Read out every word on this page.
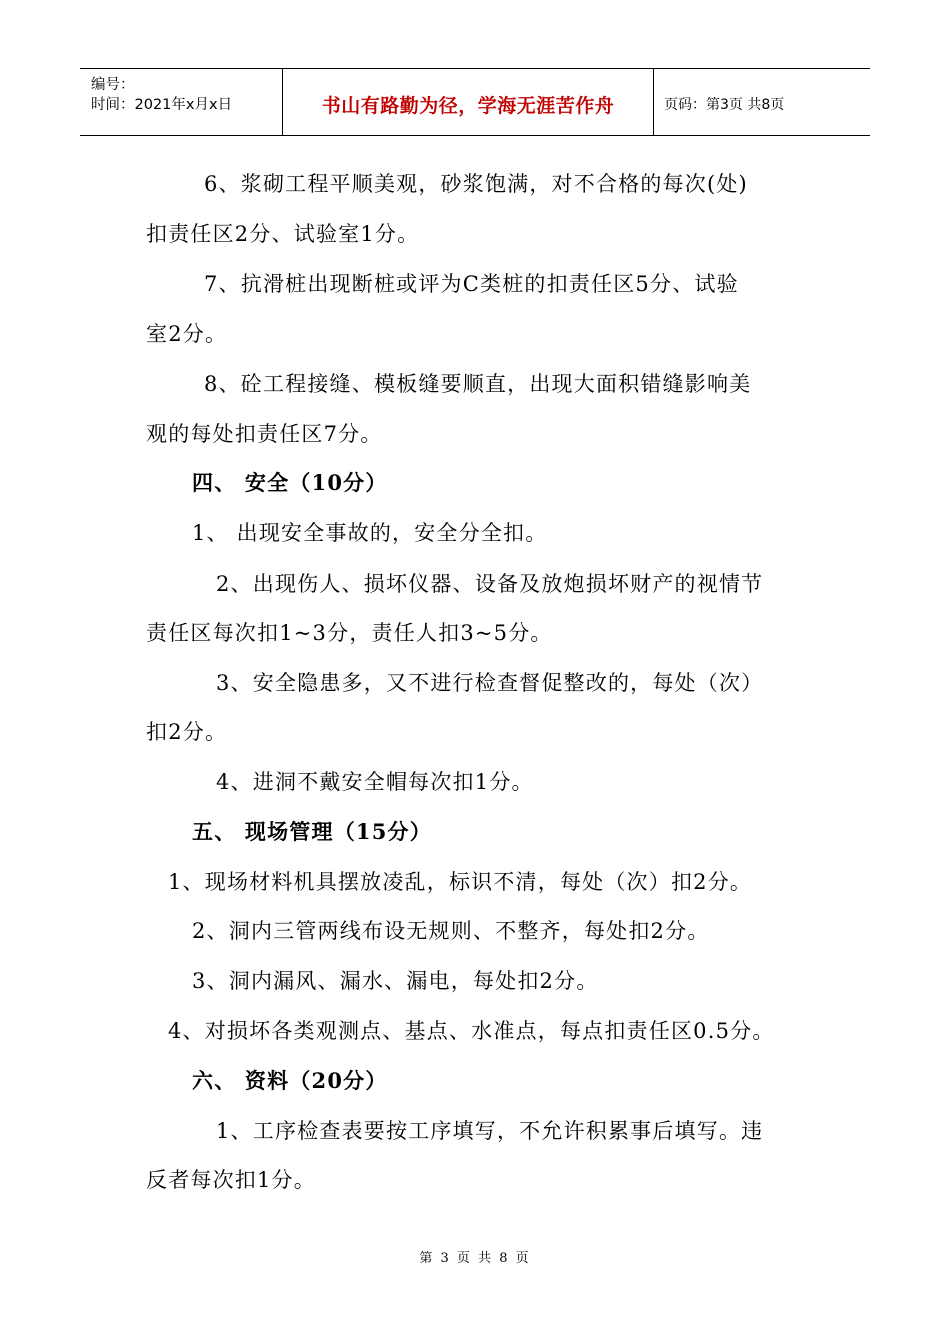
编号：
时间：2021年x月x日	书山有路勤为径，学海无涯苦作舟	页码：第3页 共8页
6、浆砌工程平顺美观，砂浆饱满，对不合格的每次(处)
扣责任区2分、试验室1分。
7、抗滑桩出现断桩或评为C类桩的扣责任区5分、试验
室2分。
8、砼工程接缝、模板缝要顺直，出现大面积错缝影响美
观的每处扣责任区7分。
四、 安全（10分）
1、 出现安全事故的，安全分全扣。
2、出现伤人、损坏仪器、设备及放炮损坏财产的视情节
责任区每次扣1~3分，责任人扣3~5分。
3、安全隐患多，又不进行检查督促整改的，每处（次）
扣2分。
4、进洞不戴安全帽每次扣1分。
五、 现场管理（15分）
1、现场材料机具摆放凌乱，标识不清，每处（次）扣2分。
2、洞内三管两线布设无规则、不整齐，每处扣2分。
3、洞内漏风、漏水、漏电，每处扣2分。
4、对损坏各类观测点、基点、水准点，每点扣责任区0.5分。
六、 资料（20分）
1、工序检查表要按工序填写，不允许积累事后填写。违
反者每次扣1分。
第 3 页 共 8 页
